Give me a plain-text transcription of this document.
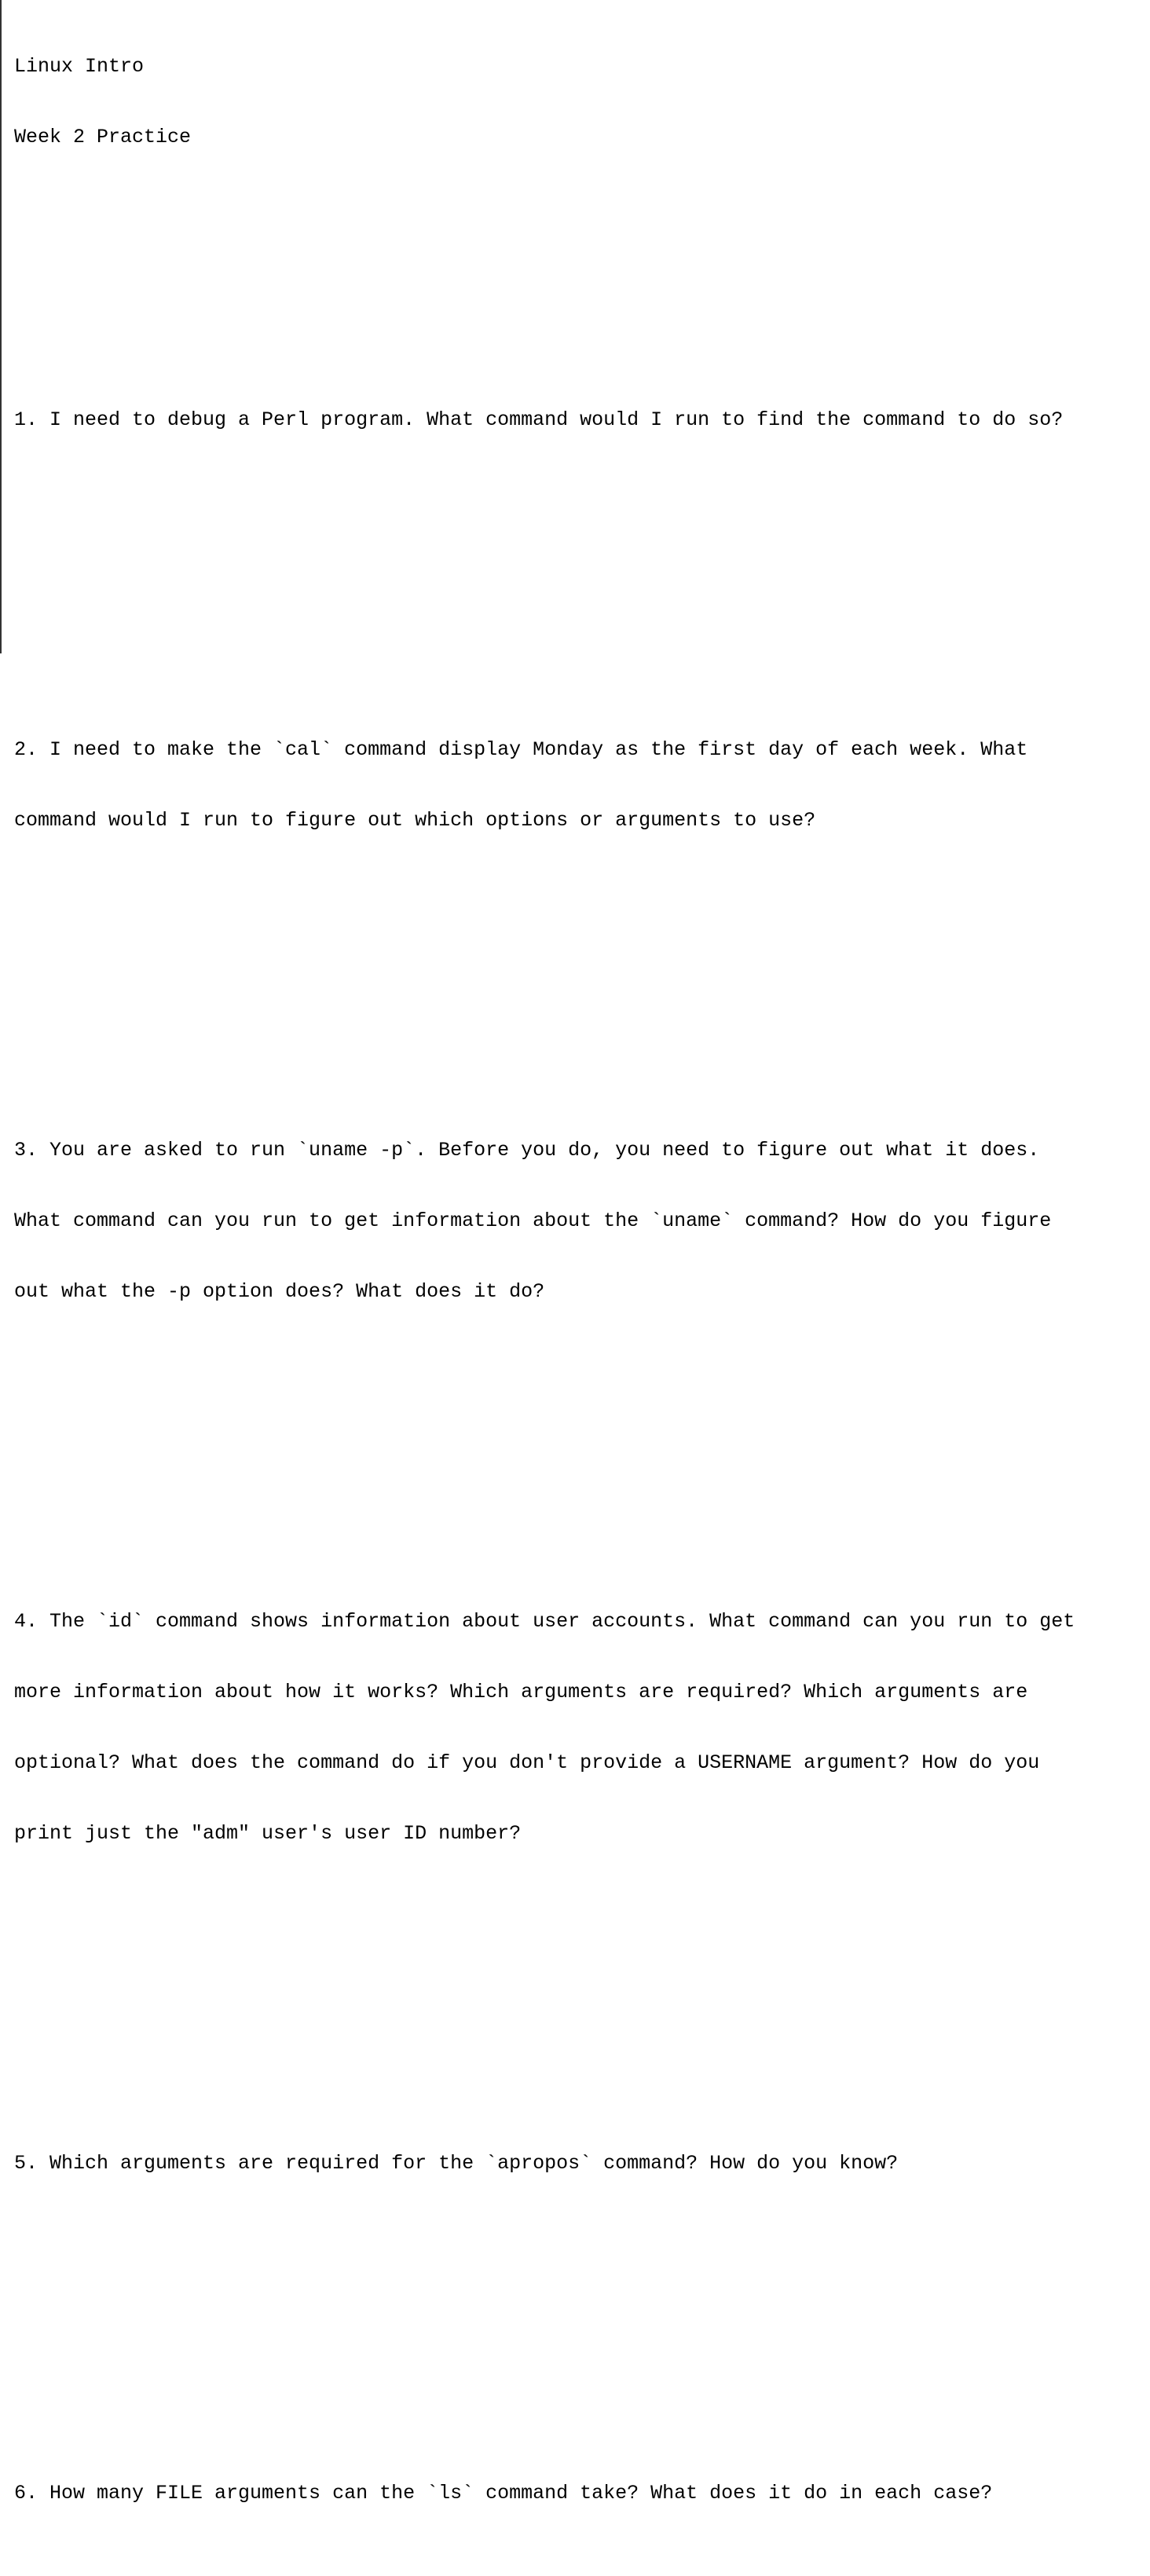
Linux Intro

Week 2 Practice

1. I need to debug a Perl program. What command would I run to find the command to do so?

2. I need to make the `cal` command display Monday as the first day of each week. What

command would I run to figure out which options or arguments to use?

3. You are asked to run `uname -p`. Before you do, you need to figure out what it does.

What command can you run to get information about the `uname` command? How do you figure

out what the -p option does? What does it do?

4. The `id` command shows information about user accounts. What command can you run to get

more information about how it works? Which arguments are required? Which arguments are

optional? What does the command do if you don't provide a USERNAME argument? How do you

print just the "adm" user's user ID number?

5. Which arguments are required for the `apropos` command? How do you know?

6. How many FILE arguments can the `ls` command take? What does it do in each case?
